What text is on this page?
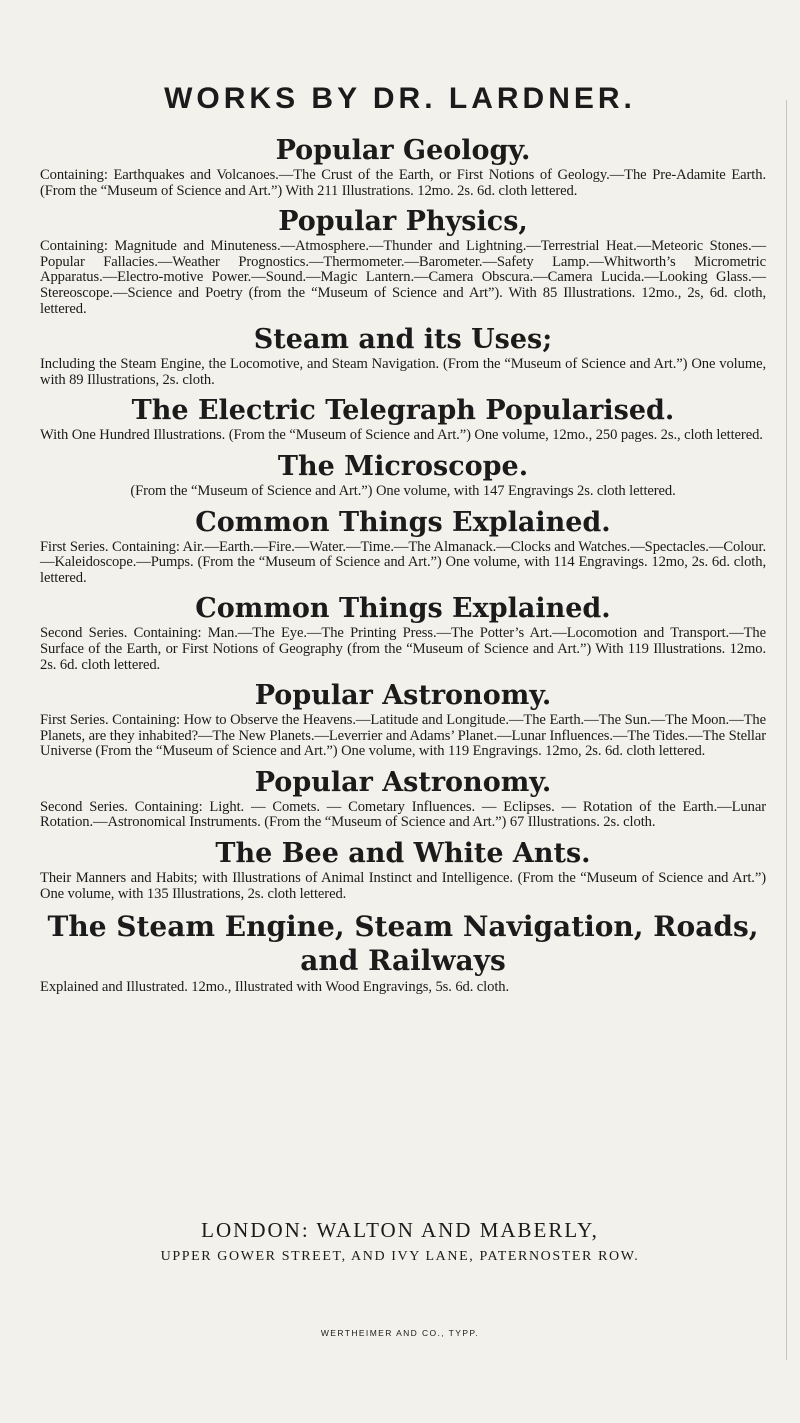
WORKS BY DR. LARDNER.
Popular Geology.

Containing: Earthquakes and Volcanoes.—The Crust of the Earth, or First Notions of Geology.—The Pre-Adamite Earth. (From the “Museum of Science and Art.”) With 211 Illustrations. 12mo. 2s. 6d. cloth lettered.

Popular Physics,

Containing: Magnitude and Minuteness.—Atmosphere.—Thunder and Lightning.—Terrestrial Heat.—Meteoric Stones.—Popular Fallacies.—Weather Prognostics.—Thermometer.—Barometer.—Safety Lamp.—Whitworth’s Micrometric Apparatus.—Electro-motive Power.—Sound.—Magic Lantern.—Camera Obscura.—Camera Lucida.—Looking Glass.—Stereoscope.—Science and Poetry (from the “Museum of Science and Art”). With 85 Illustrations. 12mo., 2s, 6d. cloth, lettered.

Steam and its Uses;

Including the Steam Engine, the Locomotive, and Steam Navigation. (From the “Museum of Science and Art.”) One volume, with 89 Illustrations, 2s. cloth.

The Electric Telegraph Popularised.

With One Hundred Illustrations. (From the “Museum of Science and Art.”) One volume, 12mo., 250 pages. 2s., cloth lettered.

The Microscope.

(From the “Museum of Science and Art.”) One volume, with 147 Engravings 2s. cloth lettered.

Common Things Explained.

First Series. Containing: Air.—Earth.—Fire.—Water.—Time.—The Almanack.—Clocks and Watches.—Spectacles.—Colour.—Kaleidoscope.—Pumps. (From the “Museum of Science and Art.”) One volume, with 114 Engravings. 12mo, 2s. 6d. cloth, lettered.

Common Things Explained.

Second Series. Containing: Man.—The Eye.—The Printing Press.—The Potter’s Art.—Locomotion and Transport.—The Surface of the Earth, or First Notions of Geography (from the “Museum of Science and Art.”) With 119 Illustrations. 12mo. 2s. 6d. cloth lettered.

Popular Astronomy.

First Series. Containing: How to Observe the Heavens.—Latitude and Longitude.—The Earth.—The Sun.—The Moon.—The Planets, are they inhabited?—The New Planets.—Leverrier and Adams’ Planet.—Lunar Influences.—The Tides.—The Stellar Universe (From the “Museum of Science and Art.”) One volume, with 119 Engravings. 12mo, 2s. 6d. cloth lettered.

Popular Astronomy.

Second Series. Containing: Light. — Comets. — Cometary Influences. — Eclipses. — Rotation of the Earth.—Lunar Rotation.—Astronomical Instruments. (From the “Museum of Science and Art.”) 67 Illustrations. 2s. cloth.

The Bee and White Ants.

Their Manners and Habits; with Illustrations of Animal Instinct and Intelligence. (From the “Museum of Science and Art.”) One volume, with 135 Illustrations, 2s. cloth lettered.

The Steam Engine, Steam Navigation, Roads, and Railways

Explained and Illustrated. 12mo., Illustrated with Wood Engravings, 5s. 6d. cloth.

LONDON: WALTON AND MABERLY,
UPPER GOWER STREET, AND IVY LANE, PATERNOSTER ROW.
WERTHEIMER AND CO., TYPP.
